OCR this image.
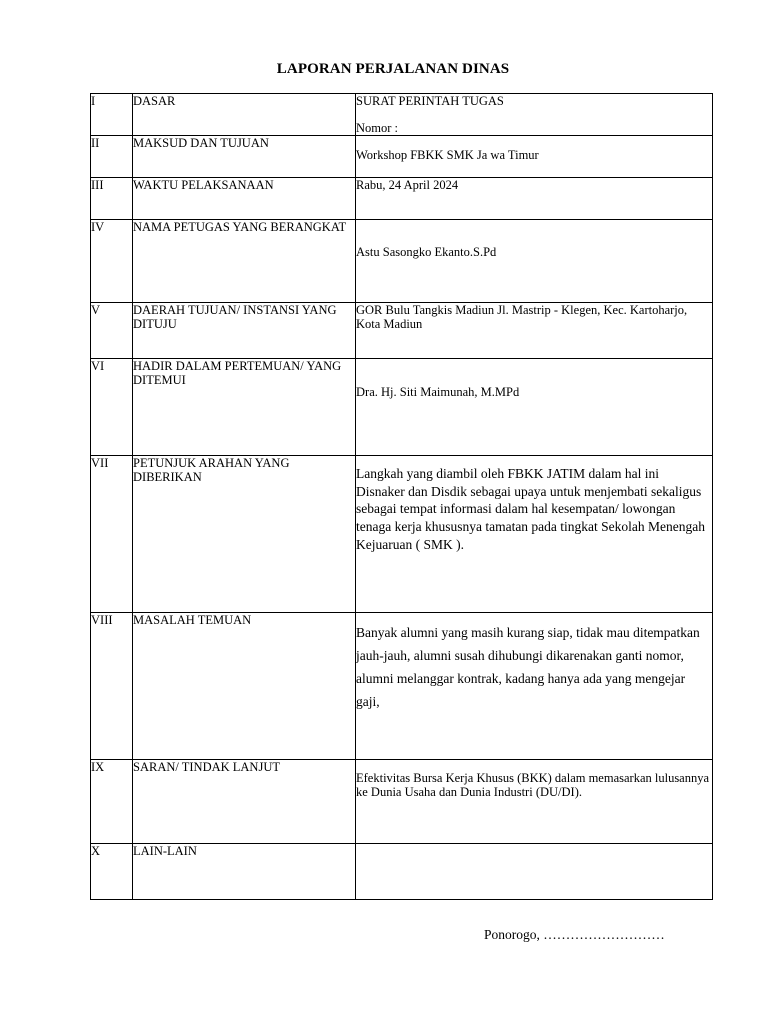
LAPORAN PERJALANAN DINAS
I	DASAR	SURAT PERINTAH TUGAS
Nomor :

II	MAKSUD DAN TUJUAN	Workshop FBKK SMK Ja wa Timur

III	WAKTU PELAKSANAAN	Rabu, 24 April 2024
IV	NAMA PETUGAS YANG BERANGKAT	Astu Sasongko Ekanto.S.Pd

V	DAERAH TUJUAN/ INSTANSI YANG DITUJU	GOR Bulu Tangkis Madiun Jl. Mastrip - Klegen, Kec. Kartoharjo, Kota Madiun
VI	HADIR DALAM PERTEMUAN/ YANG DITEMUI	Dra. Hj. Siti Maimunah, M.MPd

VII	PETUNJUK ARAHAN YANG DIBERIKAN	Langkah yang diambil oleh FBKK JATIM dalam hal ini Disnaker dan Disdik sebagai upaya untuk menjembati sekaligus sebagai tempat informasi dalam hal kesempatan/ lowongan tenaga kerja khususnya tamatan pada tingkat Sekolah Menengah Kejuaruan ( SMK ).

VIII	MASALAH TEMUAN	Banyak alumni yang masih kurang siap, tidak mau ditempatkan jauh-jauh, alumni susah dihubungi dikarenakan ganti nomor, alumni melanggar kontrak, kadang hanya ada yang mengejar gaji,

IX	SARAN/ TINDAK LANJUT	Efektivitas Bursa Kerja Khusus (BKK) dalam memasarkan lulusannya ke Dunia Usaha dan Dunia Industri (DU/DI).

X	LAIN-LAIN	
Ponorogo, ………………………
